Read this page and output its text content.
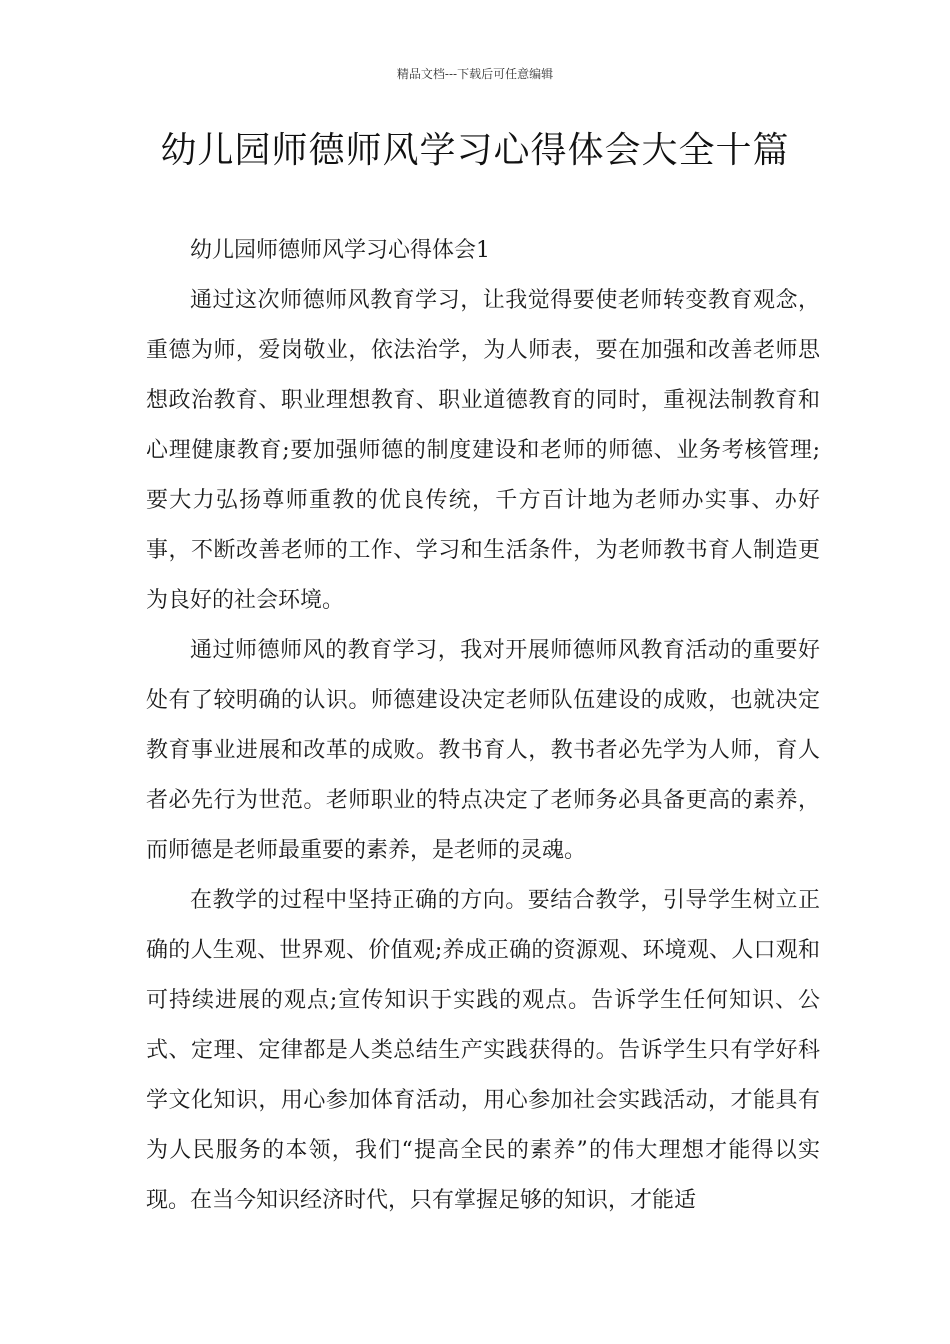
精品文档---下载后可任意编辑
幼儿园师德师风学习心得体会大全十篇

幼儿园师德师风学习心得体会1

通过这次师德师风教育学习，让我觉得要使老师转变教育观念，重德为师，爱岗敬业，依法治学，为人师表，要在加强和改善老师思想政治教育、职业理想教育、职业道德教育的同时，重视法制教育和心理健康教育;要加强师德的制度建设和老师的师德、业务考核管理;要大力弘扬尊师重教的优良传统，千方百计地为老师办实事、办好事，不断改善老师的工作、学习和生活条件，为老师教书育人制造更为良好的社会环境。

通过师德师风的教育学习，我对开展师德师风教育活动的重要好处有了较明确的认识。师德建设决定老师队伍建设的成败，也就决定教育事业进展和改革的成败。教书育人，教书者必先学为人师，育人者必先行为世范。老师职业的特点决定了老师务必具备更高的素养，而师德是老师最重要的素养，是老师的灵魂。

在教学的过程中坚持正确的方向。要结合教学，引导学生树立正确的人生观、世界观、价值观;养成正确的资源观、环境观、人口观和可持续进展的观点;宣传知识于实践的观点。告诉学生任何知识、公式、定理、定律都是人类总结生产实践获得的。告诉学生只有学好科学文化知识，用心参加体育活动，用心参加社会实践活动，才能具有为人民服务的本领，我们“提高全民的素养”的伟大理想才能得以实现。在当今知识经济时代，只有掌握足够的知识，才能适
